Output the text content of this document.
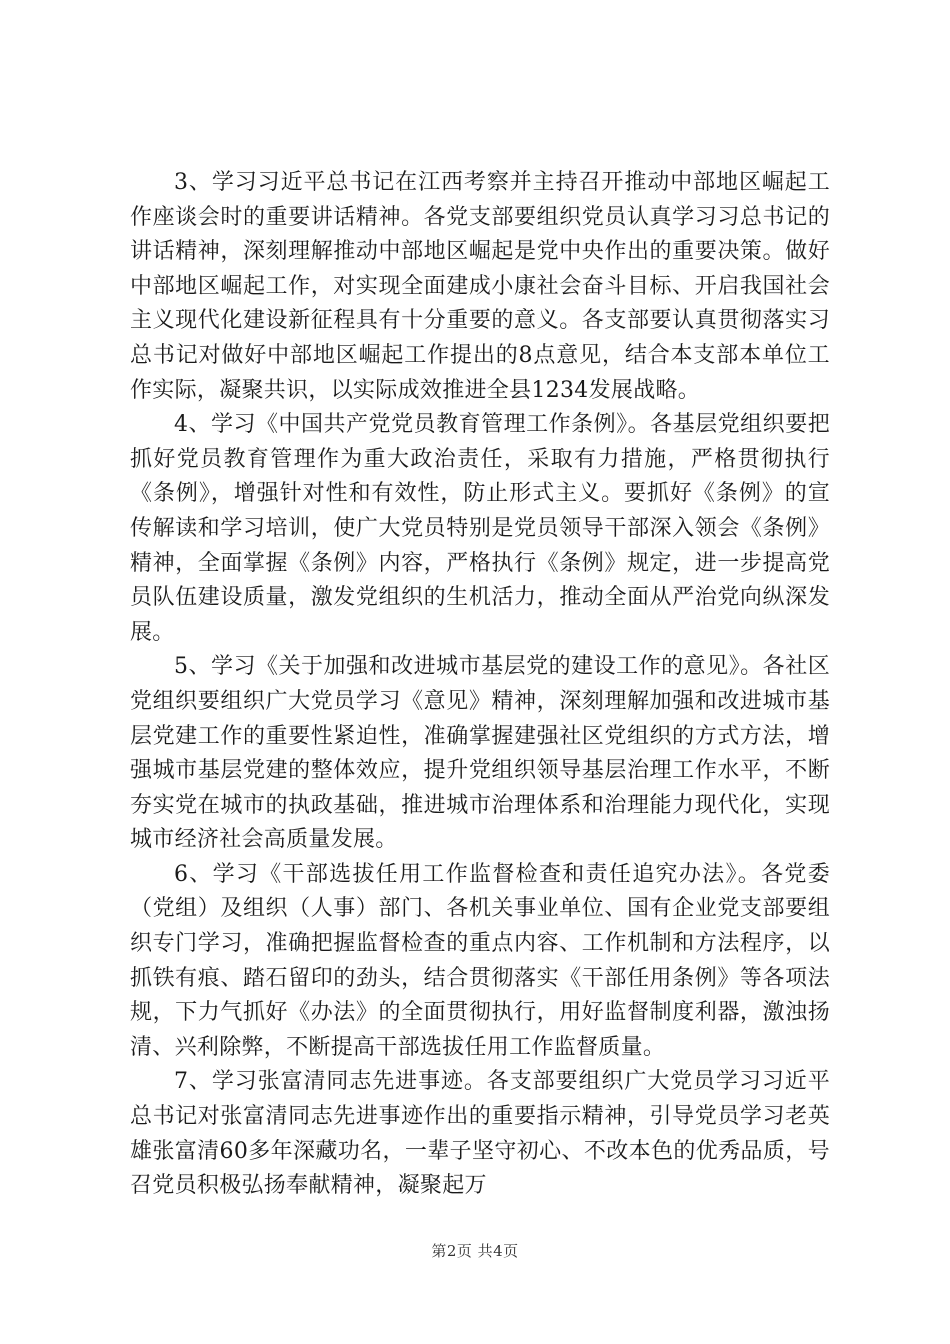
3、学习习近平总书记在江西考察并主持召开推动中部地区崛起工作座谈会时的重要讲话精神。各党支部要组织党员认真学习习总书记的讲话精神，深刻理解推动中部地区崛起是党中央作出的重要决策。做好中部地区崛起工作，对实现全面建成小康社会奋斗目标、开启我国社会主义现代化建设新征程具有十分重要的意义。各支部要认真贯彻落实习总书记对做好中部地区崛起工作提出的8点意见，结合本支部本单位工作实际，凝聚共识，以实际成效推进全县1234发展战略。

4、学习《中国共产党党员教育管理工作条例》。各基层党组织要把抓好党员教育管理作为重大政治责任，采取有力措施，严格贯彻执行《条例》，增强针对性和有效性，防止形式主义。要抓好《条例》的宣传解读和学习培训，使广大党员特别是党员领导干部深入领会《条例》精神，全面掌握《条例》内容，严格执行《条例》规定，进一步提高党员队伍建设质量，激发党组织的生机活力，推动全面从严治党向纵深发展。

5、学习《关于加强和改进城市基层党的建设工作的意见》。各社区党组织要组织广大党员学习《意见》精神，深刻理解加强和改进城市基层党建工作的重要性紧迫性，准确掌握建强社区党组织的方式方法，增强城市基层党建的整体效应，提升党组织领导基层治理工作水平，不断夯实党在城市的执政基础，推进城市治理体系和治理能力现代化，实现城市经济社会高质量发展。

6、学习《干部选拔任用工作监督检查和责任追究办法》。各党委（党组）及组织（人事）部门、各机关事业单位、国有企业党支部要组织专门学习，准确把握监督检查的重点内容、工作机制和方法程序，以抓铁有痕、踏石留印的劲头，结合贯彻落实《干部任用条例》等各项法规，下力气抓好《办法》的全面贯彻执行，用好监督制度利器，激浊扬清、兴利除弊，不断提高干部选拔任用工作监督质量。

7、学习张富清同志先进事迹。各支部要组织广大党员学习习近平总书记对张富清同志先进事迹作出的重要指示精神，引导党员学习老英雄张富清60多年深藏功名，一辈子坚守初心、不改本色的优秀品质，号召党员积极弘扬奉献精神，凝聚起万

第2页 共4页
